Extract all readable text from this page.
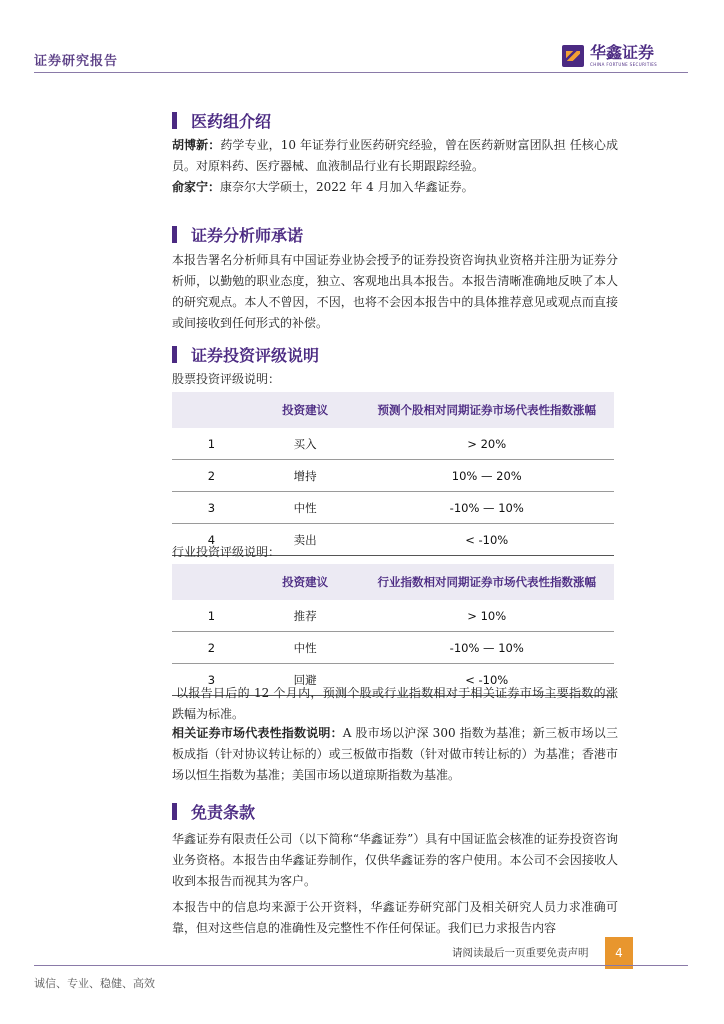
证券研究报告	华鑫证券
CHINA FORTUNE SECURITIES
医药组介绍
胡博新：药学专业，10 年证券行业医药研究经验，曾在医药新财富团队担 任核心成员。对原料药、医疗器械、血液制品行业有长期跟踪经验。
俞家宁：康奈尔大学硕士，2022 年 4 月加入华鑫证券。
证券分析师承诺
本报告署名分析师具有中国证券业协会授予的证券投资咨询执业资格并注册为证券分析师，以勤勉的职业态度，独立、客观地出具本报告。本报告清晰准确地反映了本人的研究观点。本人不曾因，不因，也将不会因本报告中的具体推荐意见或观点而直接或间接收到任何形式的补偿。
证券投资评级说明
股票投资评级说明：
	投资建议	预测个股相对同期证券市场代表性指数涨幅
1	买入	> 20%
2	增持	10% — 20%
3	中性	-10% — 10%
4	卖出	< -10%
行业投资评级说明：
	投资建议	行业指数相对同期证券市场代表性指数涨幅
1	推荐	> 10%
2	中性	-10% — 10%
3	回避	< -10%
以报告日后的 12 个月内，预测个股或行业指数相对于相关证券市场主要指数的涨跌幅为标准。
相关证券市场代表性指数说明：A 股市场以沪深 300 指数为基准；新三板市场以三板成指（针对协议转让标的）或三板做市指数（针对做市转让标的）为基准；香港市场以恒生指数为基准；美国市场以道琼斯指数为基准。
免责条款
华鑫证券有限责任公司（以下简称“华鑫证券”）具有中国证监会核准的证券投资咨询业务资格。本报告由华鑫证券制作，仅供华鑫证券的客户使用。本公司不会因接收人收到本报告而视其为客户。
本报告中的信息均来源于公开资料，华鑫证券研究部门及相关研究人员力求准确可靠，但对这些信息的准确性及完整性不作任何保证。我们已力求报告内容
请阅读最后一页重要免责声明	4
诚信、专业、稳健、高效
